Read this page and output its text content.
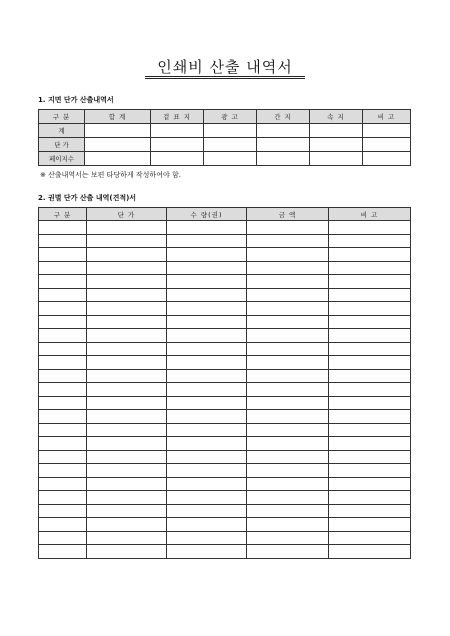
인쇄비 산출 내역서
1. 지면 단가 산출내역서
구 분	합 계	겉 표 지	광 고	간 지	속 지	비 고
계						
단 가						
페이지수						
※ 산출내역서는 보편 타당하게 작성하여야 함.
2. 권별 단가 산출 내역(견적)서
구 분	단 가	수 량(권)	금 액	비 고
